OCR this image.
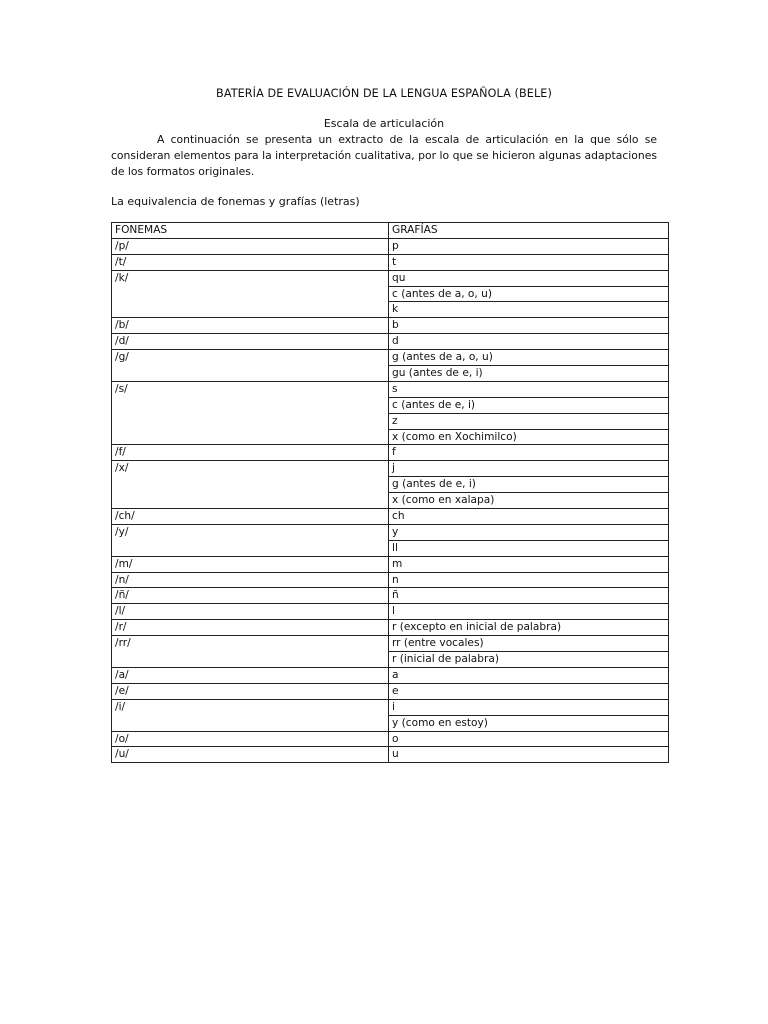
BATERÍA DE EVALUACIÓN DE LA LENGUA ESPAÑOLA (BELE)
Escala de articulación
A continuación se presenta un extracto de la escala de articulación en la que sólo se consideran elementos para la interpretación cualitativa, por lo que se hicieron algunas adaptaciones de los formatos originales.
La equivalencia de fonemas y grafías (letras)
FONEMAS	GRAFÍAS
/p/	p
/t/	t
/k/	qu
	c (antes de a, o, u)
	k
/b/	b
/d/	d
/g/	g (antes de a, o, u)
	gu (antes de e, i)
/s/	s
	c (antes de e, i)
	z
	x (como en Xochimilco)
/f/	f
/x/	j
	g (antes de e, i)
	x (como en xalapa)
/ch/	ch
/y/	y
	ll
/m/	m
/n/	n
/ñ/	ñ
/l/	l
/r/	r (excepto en inicial de palabra)
/rr/	rr (entre vocales)
	r (inicial de palabra)
/a/	a
/e/	e
/i/	i
	y (como en estoy)
/o/	o
/u/	u
